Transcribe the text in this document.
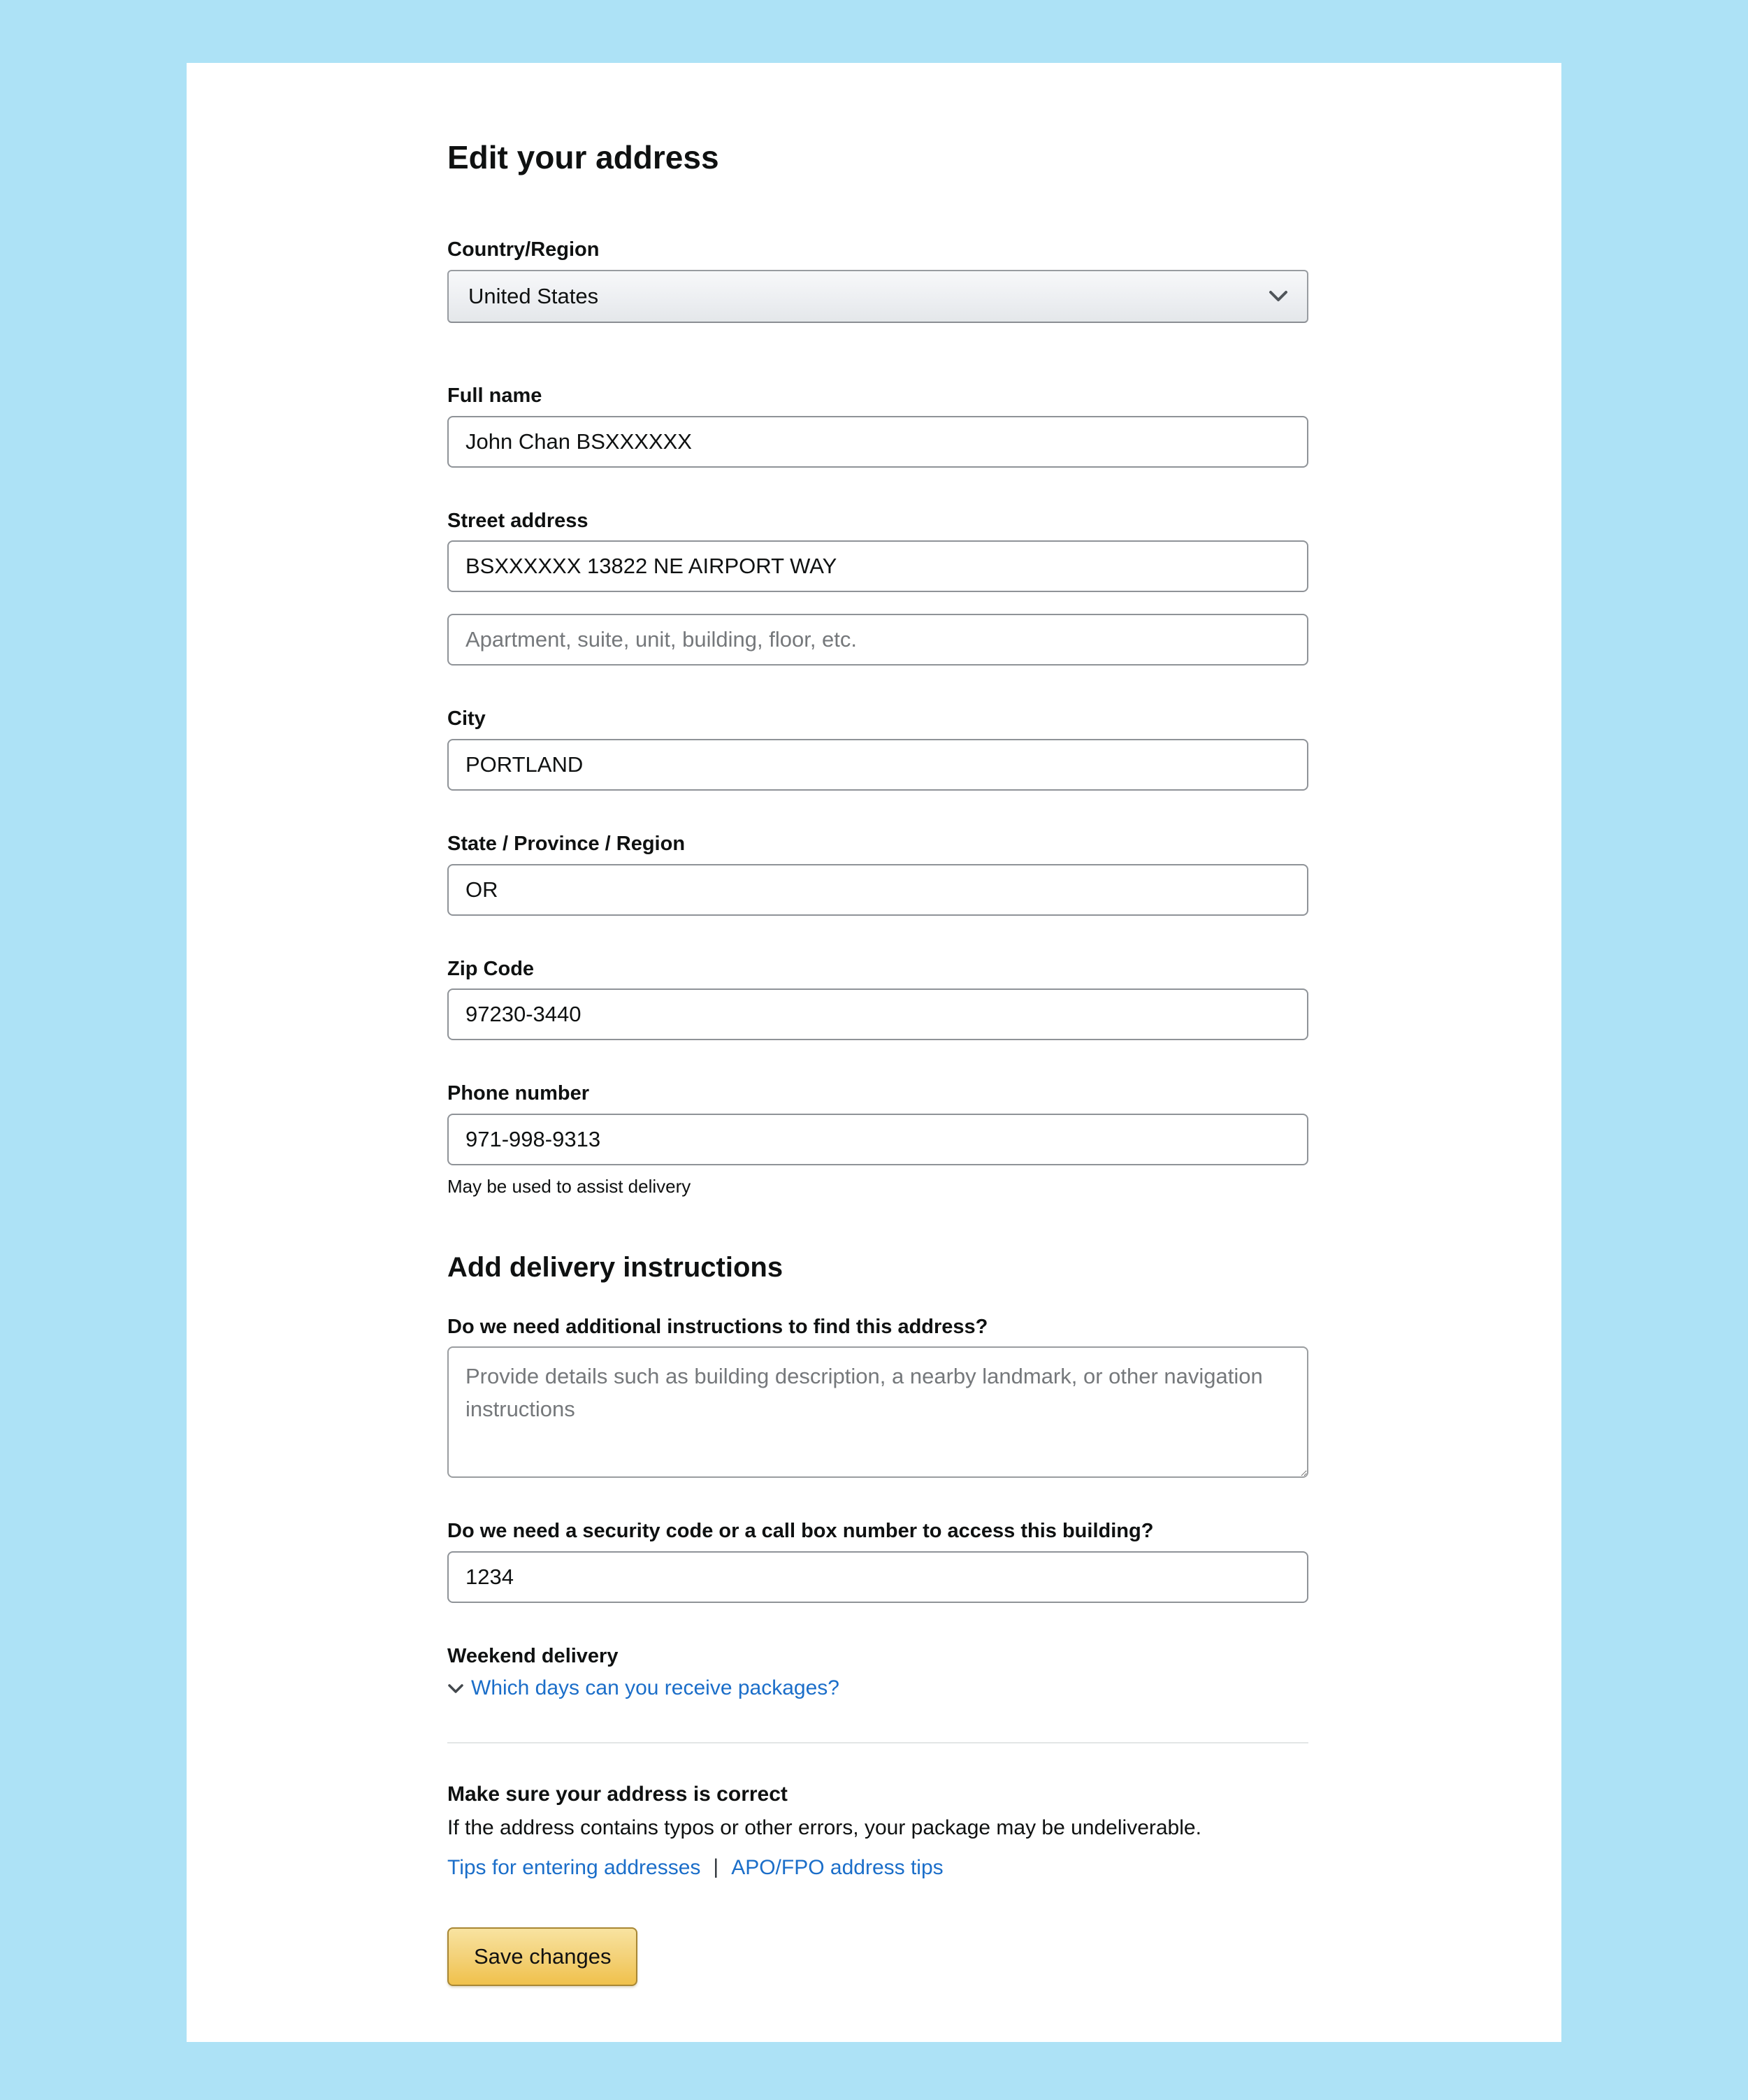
Edit your address
Country/Region
United States
Full name
John Chan BSXXXXXX
Street address
BSXXXXXX 13822 NE AIRPORT WAY
Apartment, suite, unit, building, floor, etc.
City
PORTLAND
State / Province / Region
OR
Zip Code
97230-3440
Phone number
971-998-9313
May be used to assist delivery
Add delivery instructions
Do we need additional instructions to find this address?
Provide details such as building description, a nearby landmark, or other navigation instructions
Do we need a security code or a call box number to access this building?
1234
Weekend delivery
Which days can you receive packages?

Make sure your address is correct

If the address contains typos or other errors, your package may be undeliverable.

Tips for entering addresses | APO/FPO address tips
Save changes
